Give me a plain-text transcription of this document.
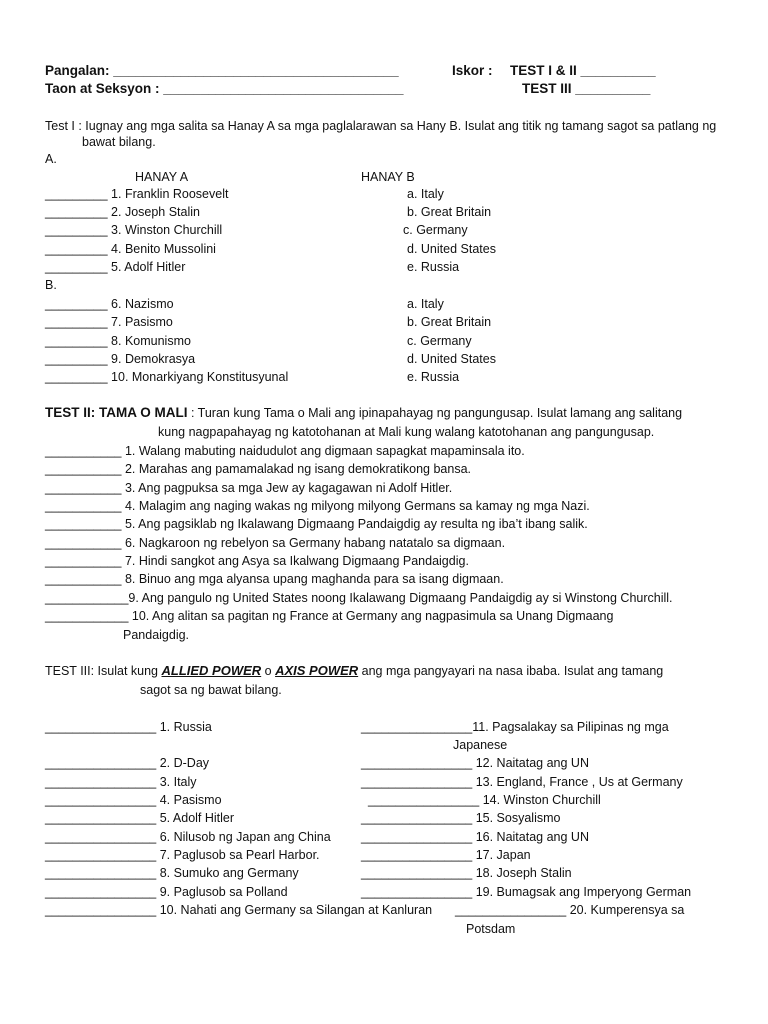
Pangalan: ______________________________________	Iskor : TEST I & II __________
Taon at Seksyon : ________________________________	TEST III __________
Test I : Iugnay ang mga salita sa Hanay A sa mga paglalarawan sa Hany B. Isulat ang titik ng tamang sagot sa patlang ng
bawat bilang.
A.
HANAY A	HANAY B
_________ 1. Franklin Roosevelt	a. Italy
_________ 2. Joseph Stalin	b. Great Britain
_________ 3. Winston Churchill	c. Germany
_________ 4. Benito Mussolini	d. United States
_________ 5. Adolf Hitler	e. Russia
B.
_________ 6. Nazismo	a. Italy
_________ 7. Pasismo	b. Great Britain
_________ 8. Komunismo	c. Germany
_________ 9. Demokrasya	d. United States
_________ 10. Monarkiyang Konstitusyunal	e. Russia
TEST II: TAMA O MALI : Turan kung Tama o Mali ang ipinapahayag ng pangungusap. Isulat lamang ang salitang
kung nagpapahayag ng katotohanan at Mali kung walang katotohanan ang pangungusap.
___________ 1. Walang mabuting naidudulot ang digmaan sapagkat mapaminsala ito.
___________ 2. Marahas ang pamamalakad ng isang demokratikong bansa.
___________ 3. Ang pagpuksa sa mga Jew ay kagagawan ni Adolf Hitler.
___________ 4. Malagim ang naging wakas ng milyong milyong Germans sa kamay ng mga Nazi.
___________ 5. Ang pagsiklab ng Ikalawang Digmaang Pandaigdig ay resulta ng iba’t ibang salik.
___________ 6. Nagkaroon ng rebelyon sa Germany habang natatalo sa digmaan.
___________ 7. Hindi sangkot ang Asya sa Ikalwang Digmaang Pandaigdig.
___________ 8. Binuo ang mga alyansa upang maghanda para sa isang digmaan.
____________9. Ang pangulo ng United States noong Ikalawang Digmaang Pandaigdig ay si Winstong Churchill.
____________ 10. Ang alitan sa pagitan ng France at Germany ang nagpasimula sa Unang Digmaang
Pandaigdig.
TEST III: Isulat kung ALLIED POWER o AXIS POWER ang mga pangyayari na nasa ibaba. Isulat ang tamang
sagot sa ng bawat bilang.
________________ 1. Russia
________________ 2. D-Day
________________ 3. Italy
________________ 4. Pasismo
________________ 5. Adolf Hitler
________________ 6. Nilusob ng Japan ang China
________________ 7. Paglusob sa Pearl Harbor.
________________ 8. Sumuko ang Germany
________________ 9. Paglusob sa Polland
________________ 10. Nahati ang Germany sa Silangan at Kanluran
________________11. Pagsalakay sa Pilipinas ng mga
Japanese
________________ 12. Naitatag ang UN
________________ 13. England, France , Us at Germany
________________ 14. Winston Churchill
________________ 15. Sosyalismo
________________ 16. Naitatag ang UN
________________ 17. Japan
________________ 18. Joseph Stalin
________________ 19. Bumagsak ang Imperyong German
________________ 20. Kumperensya sa
Potsdam
